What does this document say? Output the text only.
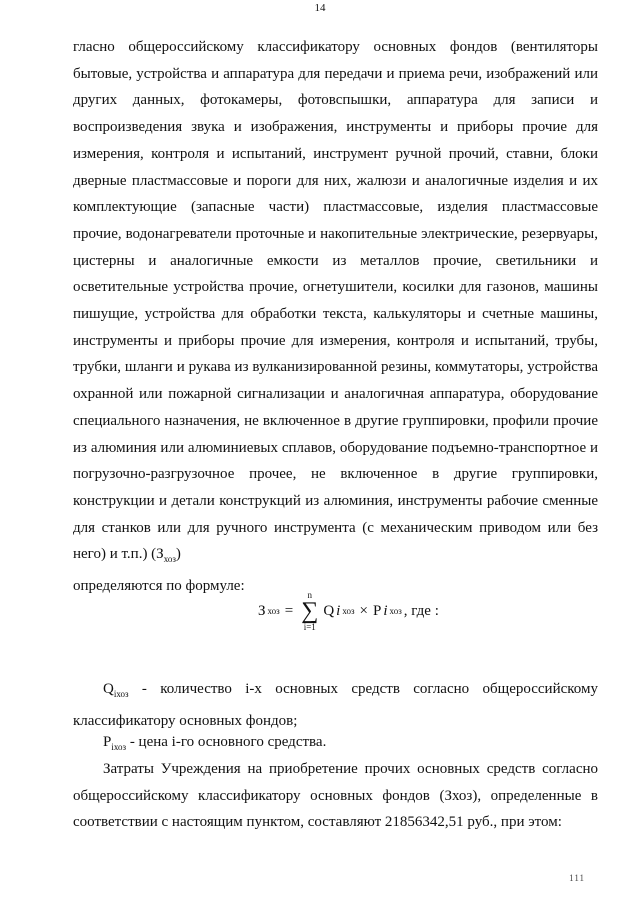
14

гласно общероссийскому классификатору основных фондов (вентиляторы бытовые, устройства и аппаратура для передачи и приема речи, изображений или других данных, фотокамеры, фотовспышки, аппаратура для записи и воспроизведения звука и изображения, инструменты и приборы прочие для измерения, контроля и испытаний, инструмент ручной прочий, ставни, блоки дверные пластмассовые и пороги для них, жалюзи и аналогичные изделия и их комплектующие (запасные части) пластмассовые, изделия пластмассовые прочие, водонагреватели проточные и накопительные электрические, резервуары, цистерны и аналогичные емкости из металлов прочие, светильники и осветительные устройства прочие, огнетушители, косилки для газонов, машины пишущие, устройства для обработки текста, калькуляторы и счетные машины, инструменты и приборы прочие для измерения, контроля и испытаний, трубы, трубки, шланги и рукава из вулканизированной резины, коммутаторы, устройства охранной или пожарной сигнализации и аналогичная аппаратура, оборудование специального назначения, не включенное в другие группировки, профили прочие из алюминия или алюминиевых сплавов, оборудование подъемно-транспортное и погрузочно-разгрузочное прочее, не включенное в другие группировки, конструкции и детали конструкций из алюминия, инструменты рабочие сменные для станков или для ручного инструмента (с механическим приводом или без него) и т.п.) $(З_{хоз})$
определяются по формуле:

З хоз =
n
∑
i=1
Q i хоз × P i хоз , где :

$Q_{iхоз}$ - количество i-х основных средств согласно общероссийскому классификатору основных фондов;

$P_{iхоз}$ - цена i-го основного средства.

Затраты Учреждения на приобретение прочих основных средств согласно общероссийскому классификатору основных фондов (Зхоз), определенные в соответствии с настоящим пунктом, составляют 21856342,51 руб., при этом:

111
